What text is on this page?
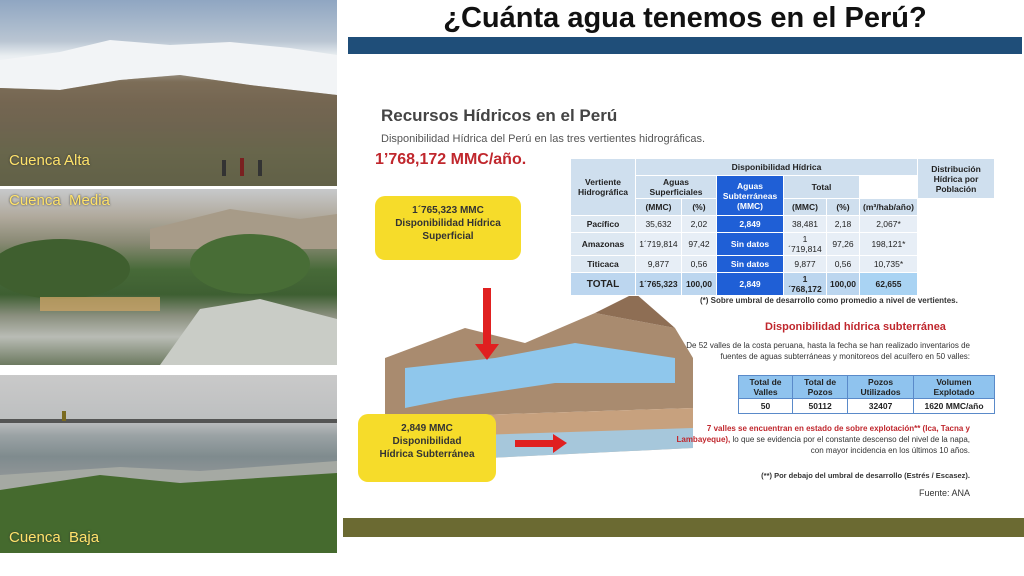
Cuenca Alta
Cuenca  Media
Cuenca  Baja
¿Cuánta agua tenemos en el Perú?
Recursos Hídricos en el Perú
Disponibilidad Hídrica del Perú en las tres vertientes hidrográficas.
1’768,172 MMC/año.
1´765,323 MMC
Disponibilidad Hídrica
Superficial
2,849 MMC
Disponibilidad
Hídrica Subterránea
Vertiente Hidrográfica	Disponibilidad Hídrica						Distribución Hídrica por Población
	Aguas Superficiales		Aguas Subterráneas (MMC)	Total		
	(MMC)	(%)		(MMC)	(%)	(m³/hab/año)	
Pacífico	35,632	2,02	2,849	38,481	2,18	2,067*	
Amazonas	1´719,814	97,42	Sin datos	1´719,814	97,26	198,121*	
Titicaca	9,877	0,56	Sin datos	9,877	0,56	10,735*	
TOTAL	1´765,323	100,00	2,849	1´768,172	100,00	62,655	
(*) Sobre umbral de desarrollo como promedio a nivel de vertientes.
Disponibilidad hídrica subterránea
De 52 valles de la costa peruana, hasta la fecha se han realizado inventarios de fuentes de aguas subterráneas y monitoreos del acuífero en 50 valles:
Total de Valles	Total de Pozos	Pozos Utilizados	Volumen Explotado
50	50112	32407	1620 MMC/año
7 valles se encuentran en estado de sobre explotación** (Ica, Tacna y Lambayeque), lo que se evidencia por el constante descenso del nivel de la napa, con mayor incidencia en los últimos 10 años.
(**) Por debajo del umbral de desarrollo (Estrés / Escasez).
Fuente: ANA
